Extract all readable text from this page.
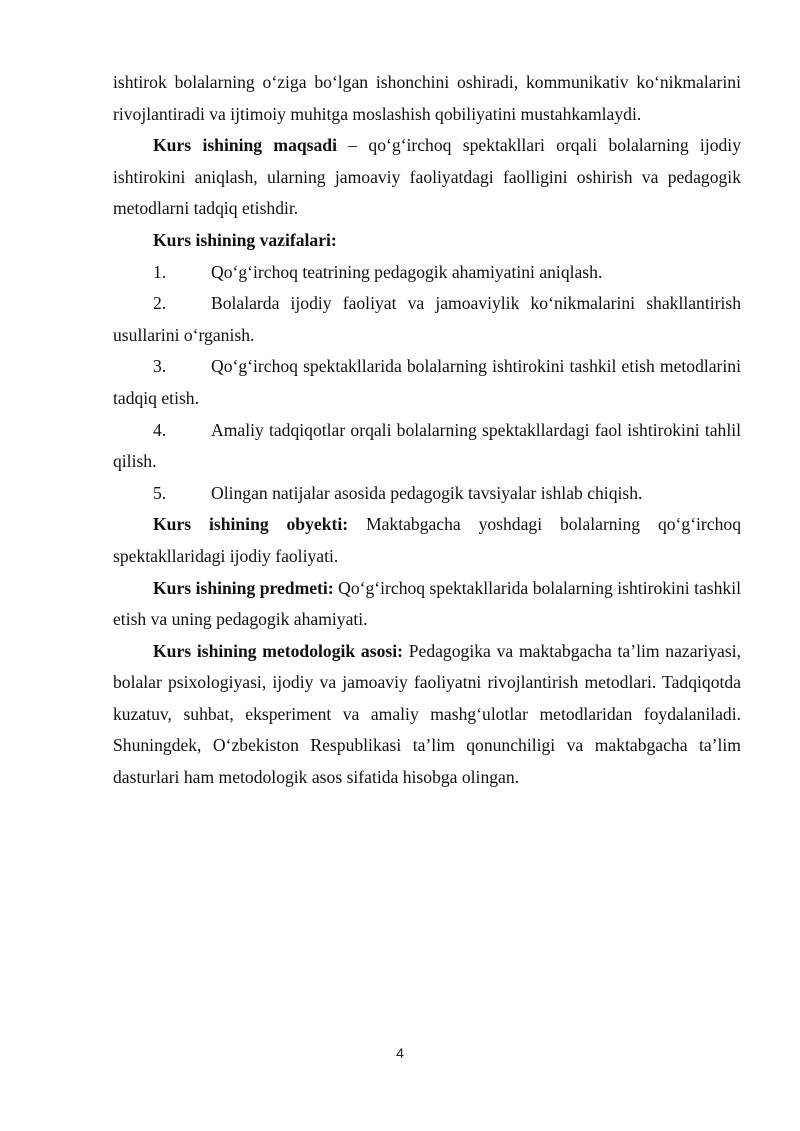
ishtirok bolalarning oʻziga boʻlgan ishonchini oshiradi, kommunikativ koʻnikmalarini rivojlantiradi va ijtimoiy muhitga moslashish qobiliyatini mustahkamlaydi.

Kurs ishining maqsadi – qoʻgʻirchoq spektakllari orqali bolalarning ijodiy ishtirokini aniqlash, ularning jamoaviy faoliyatdagi faolligini oshirish va pedagogik metodlarni tadqiq etishdir.

Kurs ishining vazifalari:

1.	Qoʻgʻirchoq teatrining pedagogik ahamiyatini aniqlash.

2.	Bolalarda ijodiy faoliyat va jamoaviylik koʻnikmalarini shakllantirish usullarini oʻrganish.

3.	Qoʻgʻirchoq spektakllarida bolalarning ishtirokini tashkil etish metodlarini tadqiq etish.

4.	Amaliy tadqiqotlar orqali bolalarning spektakllardagi faol ishtirokini tahlil qilish.

5.	Olingan natijalar asosida pedagogik tavsiyalar ishlab chiqish.

Kurs ishining obyekti: Maktabgacha yoshdagi bolalarning qoʻgʻirchoq spektakllaridagi ijodiy faoliyati.

Kurs ishining predmeti: Qoʻgʻirchoq spektakllarida bolalarning ishtirokini tashkil etish va uning pedagogik ahamiyati.

Kurs ishining metodologik asosi: Pedagogika va maktabgacha taʼlim nazariyasi, bolalar psixologiyasi, ijodiy va jamoaviy faoliyatni rivojlantirish metodlari. Tadqiqotda kuzatuv, suhbat, eksperiment va amaliy mashgʻulotlar metodlaridan foydalaniladi. Shuningdek, Oʻzbekiston Respublikasi taʼlim qonunchiligi va maktabgacha taʼlim dasturlari ham metodologik asos sifatida hisobga olingan.

4
